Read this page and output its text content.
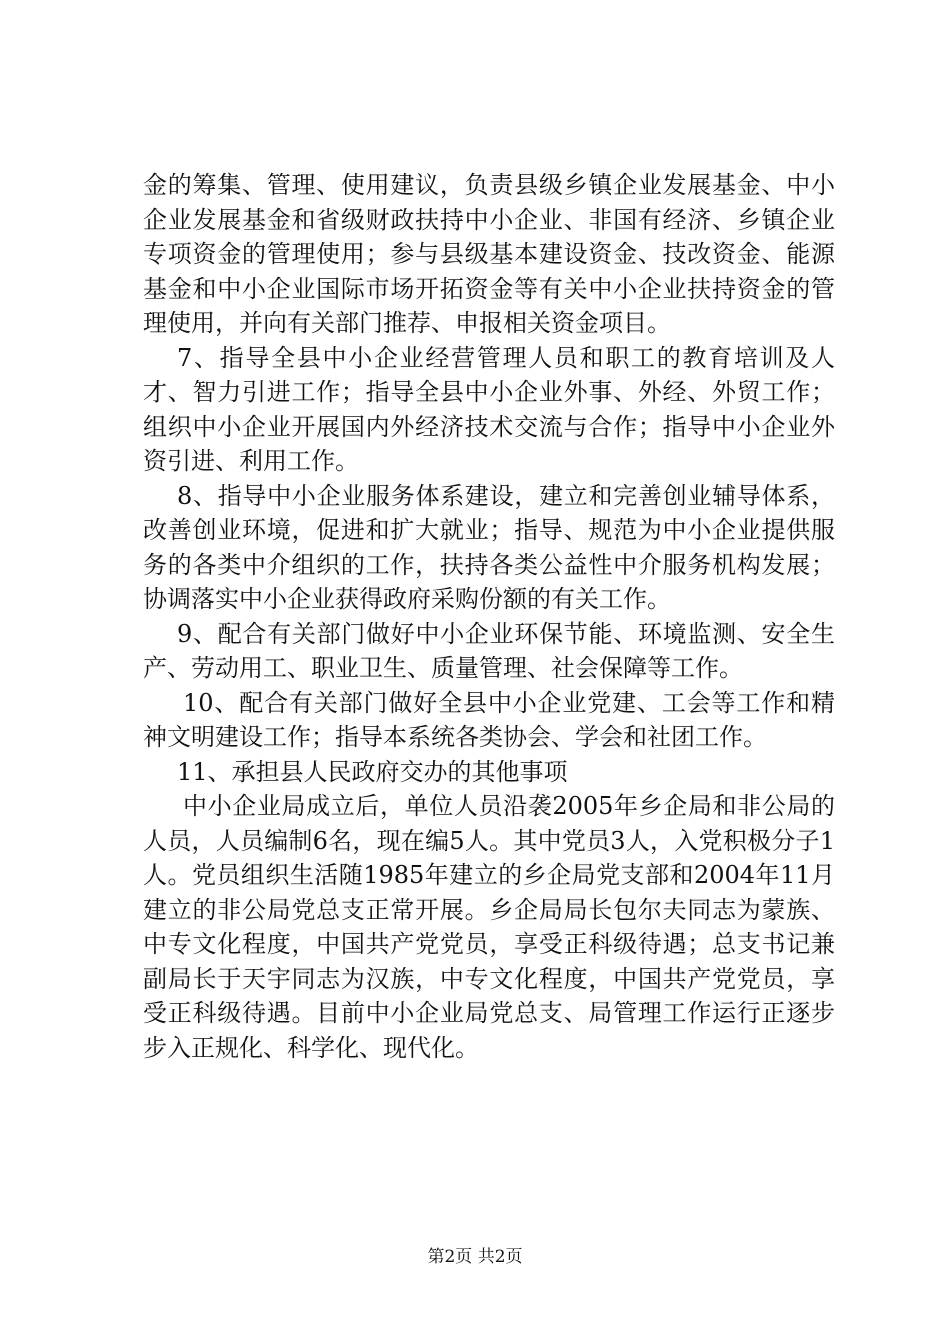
金的筹集、管理、使用建议，负责县级乡镇企业发展基金、中小企业发展基金和省级财政扶持中小企业、非国有经济、乡镇企业专项资金的管理使用；参与县级基本建设资金、技改资金、能源基金和中小企业国际市场开拓资金等有关中小企业扶持资金的管理使用，并向有关部门推荐、申报相关资金项目。

7、指导全县中小企业经营管理人员和职工的教育培训及人才、智力引进工作；指导全县中小企业外事、外经、外贸工作；组织中小企业开展国内外经济技术交流与合作；指导中小企业外资引进、利用工作。

8、指导中小企业服务体系建设，建立和完善创业辅导体系，改善创业环境，促进和扩大就业；指导、规范为中小企业提供服务的各类中介组织的工作，扶持各类公益性中介服务机构发展；协调落实中小企业获得政府采购份额的有关工作。

9、配合有关部门做好中小企业环保节能、环境监测、安全生产、劳动用工、职业卫生、质量管理、社会保障等工作。

10、配合有关部门做好全县中小企业党建、工会等工作和精神文明建设工作；指导本系统各类协会、学会和社团工作。

11、承担县人民政府交办的其他事项

中小企业局成立后，单位人员沿袭2005年乡企局和非公局的人员，人员编制6名，现在编5人。其中党员3人，入党积极分子1人。党员组织生活随1985年建立的乡企局党支部和2004年11月建立的非公局党总支正常开展。乡企局局长包尔夫同志为蒙族、中专文化程度，中国共产党党员，享受正科级待遇；总支书记兼副局长于天宇同志为汉族，中专文化程度，中国共产党党员，享受正科级待遇。目前中小企业局党总支、局管理工作运行正逐步步入正规化、科学化、现代化。

第2页 共2页
